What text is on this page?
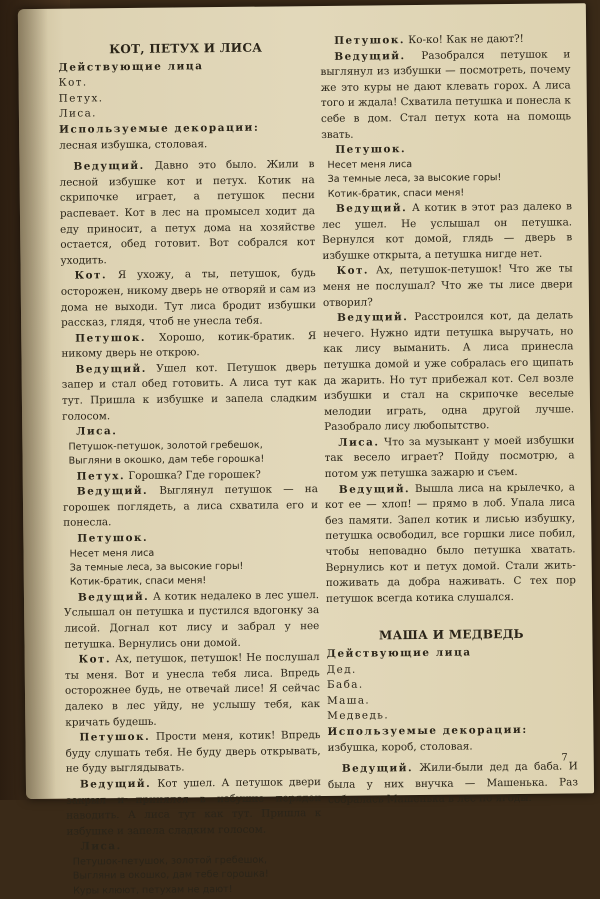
КОТ, ПЕТУХ И ЛИСА
Действующие лица
Кот.
Петух.
Лиса.
Используемые декорации:
лесная избушка, столовая.

Ведущий. Давно это было. Жили в лесной избушке кот и петух. Котик на скрипочке играет, а петушок песни распевает. Кот в лес на промысел ходит да еду приносит, а петух дома на хозяйстве остается, обед готовит. Вот собрался кот уходить.

Кот. Я ухожу, а ты, петушок, будь осторожен, никому дверь не отворяй и сам из дома не выходи. Тут лиса бродит избушки рассказ, глядя, чтоб не унесла тебя.

Петушок. Хорошо, котик-братик. Я никому дверь не открою.

Ведущий. Ушел кот. Петушок дверь запер и стал обед готовить. А лиса тут как тут. Пришла к избушке и запела сладким голосом.

Лиса.
Петушок-петушок, золотой гребешок,
Выгляни в окошко, дам тебе горошка!

Петух. Горошка? Где горошек?

Ведущий. Выглянул петушок — на горошек поглядеть, а лиса схватила его и понесла.

Петушок.
Несет меня лиса
За темные леса, за высокие горы!
Котик-братик, спаси меня!

Ведущий. А котик недалеко в лес ушел. Услышал он петушка и пустился вдогонку за лисой. Догнал кот лису и забрал у нее петушка. Вернулись они домой.

Кот. Ах, петушок, петушок! Не послушал ты меня. Вот и унесла тебя лиса. Впредь осторожнее будь, не отвечай лисе! Я сейчас далеко в лес уйду, не услышу тебя, как кричать будешь.

Петушок. Прости меня, котик! Впредь буду слушать тебя. Не буду дверь открывать, не буду выглядывать.

Ведущий. Кот ушел. А петушок двери закрыл и принялся в избушке порядок наводить. А лиса тут как тут. Пришла к избушке и запела сладким голосом.

Лиса.
Петушок-петушок, золотой гребешок,
Выгляни в окошко, дам тебе горошка!
Куры клюют, петухам не дают!

Петушок. Ко-ко! Как не дают?!

Ведущий. Разобрался петушок и выглянул из избушки — посмотреть, почему же это куры не дают клевать горох. А лиса того и ждала! Схватила петушка и понесла к себе в дом. Стал петух кота на помощь звать.

Петушок.
Несет меня лиса
За темные леса, за высокие горы!
Котик-братик, спаси меня!

Ведущий. А котик в этот раз далеко в лес ушел. Не услышал он петушка. Вернулся кот домой, глядь — дверь в избушке открыта, а петушка нигде нет.

Кот. Ах, петушок-петушок! Что же ты меня не послушал? Что же ты лисе двери отворил?

Ведущий. Расстроился кот, да делать нечего. Нужно идти петушка выручать, но как лису выманить. А лиса принесла петушка домой и уже собралась его щипать да жарить. Но тут прибежал кот. Сел возле избушки и стал на скрипочке веселые мелодии играть, одна другой лучше. Разобрало лису любопытство.

Лиса. Что за музыкант у моей избушки так весело играет? Пойду посмотрю, а потом уж петушка зажарю и съем.

Ведущий. Вышла лиса на крылечко, а кот ее — хлоп! — прямо в лоб. Упала лиса без памяти. Запел котик и лисью избушку, петушка освободил, все горшки лисе побил, чтобы неповадно было петушка хватать. Вернулись кот и петух домой. Стали жить-поживать да добра наживать. С тех пор петушок всегда котика слушался.

МАША И МЕДВЕДЬ
Действующие лица
Дед.
Баба.
Маша.
Медведь.
Используемые декорации:
избушка, короб, столовая.

Ведущий. Жили-были дед да баба. И была у них внучка — Машенька. Раз собралась Машенька в лес по ягоды.

7
